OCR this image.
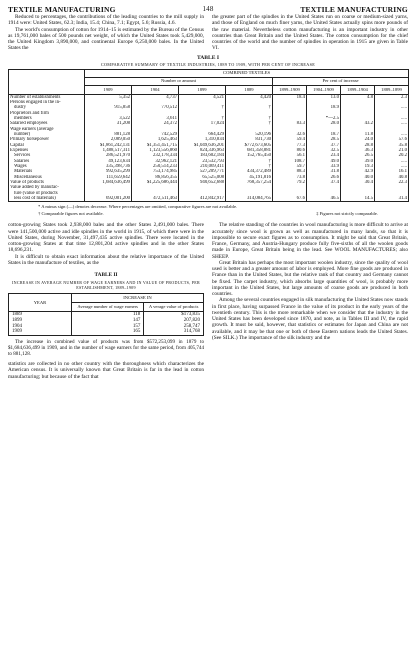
TEXTILE MANUFACTURING	148	TEXTILE MANUFACTURING

Reduced to percentages, the contributions of the leading countries to the mill supply in 1914 were: United States, 62.3; India, 15.4; China, 7.1; Egypt, 5.6; Russia, 4.6.

The world's consumption of cotton for 1914–15 is estimated by the Bureau of the Census as 19,761,000 bales of 500 pounds net weight, of which the United States took 5,429,000, the United Kingdom 3,890,000, and continental Europe 6,250,000 bales. In the United States the

the greater part of the spindles in the United States run on coarse or medium-sized yarns, and those of England on much finer yarns, the United States actually spins more pounds of the raw material. Nevertheless cotton manufacturing is an important industry in other countries than Great Britain and the United States. The cotton consumption for the chief countries of the world and the number of spindles in operation in 1915 are given in Table VI.

TABLE I
COMPARATIVE SUMMARY OF TEXTILE INDUSTRIES, 1889 TO 1909, WITH PER CENT OF INCREASE
	COMBINED TEXTILES							
	Number or amount				Per cent of increase			
	1909	1904	1899	1889	1899–1909	1904–1909	1899–1904	1889–1899
Number of establishments	5,352	4,737	4,521	4,420	18.4	13.0	4.8	2.3
Persons engaged in the in-								
dustry	915,858	770,512	†	†		18.9		.....
Proprietors and firm								
members	3,522	3,611	†	†		*—2.5		.....
Salaried employees	31,208	24,372	17,024	†	83.3	28.0	43.2	.....
Wage earners (average								
number)	881,128	742,529	664,429	520,196	32.6	18.7	11.8	.....
Primary horsepower	2,089,050	1,625,463	1,310,834	831,730	59.4	28.5	24.0	57.6
Capital	$1,861,242,131	$1,351,451,715	$1,049,636,201	$772,673,605	77.3	37.7	28.8	35.8
Expenses	1,488,517,311	1,123,556,860	824,336,963	681,358,881	80.6	32.5	36.3	21.0
Services	286,521,970	232,178,334	183,602,184	152,765,450	56.1	23.4	26.5	20.2
Salaries	49,123,634	32,962,121	23,532,793	†	108.7	49.0	39.0	.....
Wages	335,398,736	250,514,233	210,069,411	†	59.7	33.9	19.3	.....
Materials	992,635,299	753,174,985	527,209,771	434,372,489	88.3	31.8	42.9	16.1
Miscellaneous	111,659,642	86,856,355	65,525,008	45,191,816	73.8	26.6	40.0	40.8
Value of products	1,684,636,499	$1,225,686,444	940,652,688	768,357,254	79.2	37.4	30.4	22.3
Value added by manufac-								
ture (value of products								
less cost of materials)	692,001,200	472,511,463	412,842,917	314,084,765	67.6	46.5	14.5	31.4
* A minus sign (—) denotes decrease. Where percentages are omitted, comparative figures are not available.
† Comparable figures not available.	‡ Figures not strictly comparable.

cotton-growing States took 2,938,000 bales and the other States 2,491,000 bales. There were 141,500,000 active and idle spindles in the world in 1915, of which there were in the United States, during November, 31,497,435 active spindles. There were located in the cotton-growing States at that time 12,801,204 active spindles and in the other States 18,696,231.

It is difficult to obtain exact information about the relative importance of the United States in the manufacture of textiles, as the

TABLE II
INCREASE IN AVERAGE NUMBER OF WAGE EARNERS AND IN VALUE OF PRODUCTS, PER ESTABLISHMENT, 1889–1909
YEAR	INCREASE IN	
	Average number of wage earners	A verage value of products
1889	118	$173,835
1899	147	207,820
1904	157	258,747
1909	165	314,768

The increase in combined value of products was from $572,253,099 in 1879 to $1,684,636,499 in 1909, and in the number of wage earners for the same period, from 405,744 to 881,128.

statistics are collected in no other country with the thoroughness which characterizes the American census. It is universally known that Great Britain is far in the lead in cotton manufacturing; but because of the fact that

The relative standing of the countries in wool manufacturing is more difficult to arrive at accurately since wool is grown as well as manufactured in many lands, so that it is impossible to secure exact figures as to consumption. It might be said that Great Britain, France, Germany, and Austria-Hungary produce fully five-sixths of all the woolen goods made in Europe, Great Britain being in the lead. See WOOL MANUFACTURES; also SHEEP.

Great Britain has perhaps the most important woolen industry, since the quality of wool used is better and a greater amount of labor is employed. More fine goods are produced in France than in the United States, but the relative rank of that country and Germany cannot be fixed. The carpet industry, which absorbs large quantities of wool, is probably more important in the United States, but large amounts of coarse goods are produced in both countries.

Among the several countries engaged in silk manufacturing the United States now stands in first place, having surpassed France in the value of its product in the early years of the twentieth century. This is the more remarkable when we consider that the industry in the United States has been developed since 1870, and note, as in Tables III and IV, the rapid growth. It must be said, however, that statistics or estimates for Japan and China are not available, and it may be that one or both of these Eastern nations leads the United States. (See SILK.) The importance of the silk industry and the
